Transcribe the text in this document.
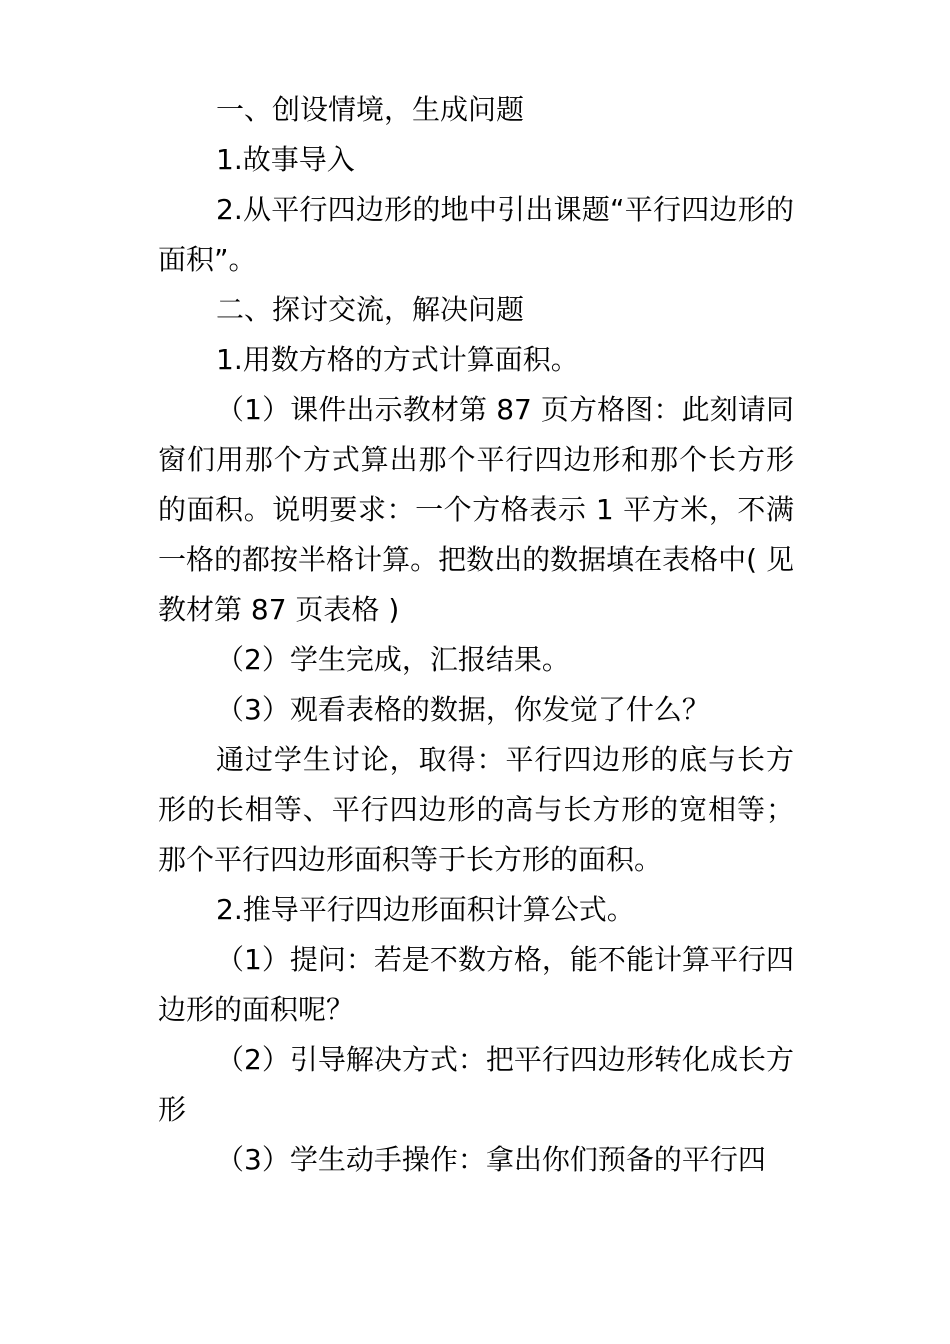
一、创设情境，生成问题

1.故事导入

2.从平行四边形的地中引出课题“平行四边形的面积”。

二、探讨交流，解决问题

1.用数方格的方式计算面积。

（1）课件出示教材第 87 页方格图：此刻请同窗们用那个方式算出那个平行四边形和那个长方形的面积。说明要求：一个方格表示 1 平方米，不满一格的都按半格计算。把数出的数据填在表格中( 见教材第 87 页表格 )

（2）学生完成，汇报结果。

（3）观看表格的数据，你发觉了什么？

通过学生讨论，取得：平行四边形的底与长方形的长相等、平行四边形的高与长方形的宽相等；那个平行四边形面积等于长方形的面积。

2.推导平行四边形面积计算公式。

（1）提问：若是不数方格，能不能计算平行四边形的面积呢？

（2）引导解决方式：把平行四边形转化成长方形

（3）学生动手操作：拿出你们预备的平行四
